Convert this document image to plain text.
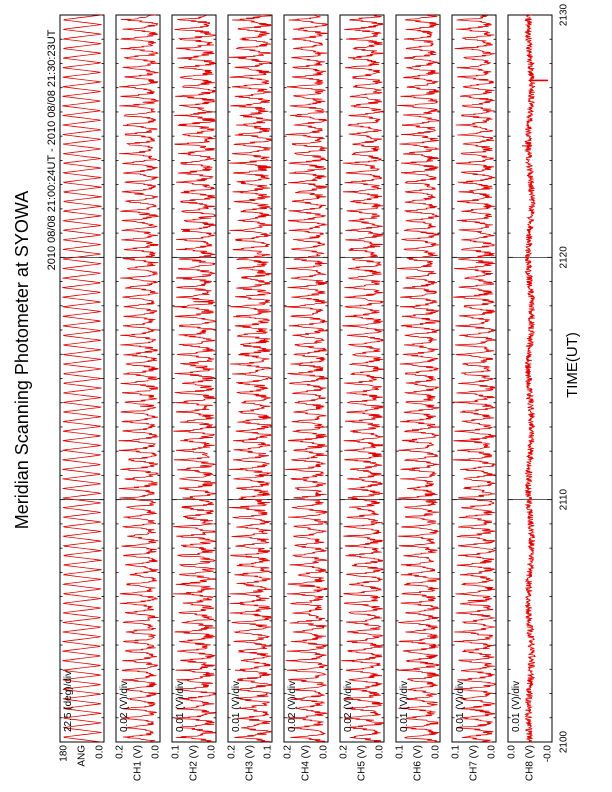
Meridian Scanning Photometer at SYOWA
2010 08/08 21:00:24UT - 2010 08/08 21:30:23UT
TIME(UT)
22.5 (deg)/div
180	0.0
ANG
0.02 (V)/div
0.2	0.0
CH1 (V)
0.01 (V)/div
0.1	0.0
CH2 (V)
0.01 (V)/div
0.2	0.1
CH3 (V)
0.02 (V)/div
0.2	0.0
CH4 (V)
0.02 (V)/div
0.2	0.0
CH5 (V)
0.01 (V)/div
0.1	0.0
CH6 (V)
0.01 (V)/div
0.1	0.0
CH7 (V)
0.01 (V)/div
0.0	-0.0
CH8 (V)
2100
2110
2120
2130
